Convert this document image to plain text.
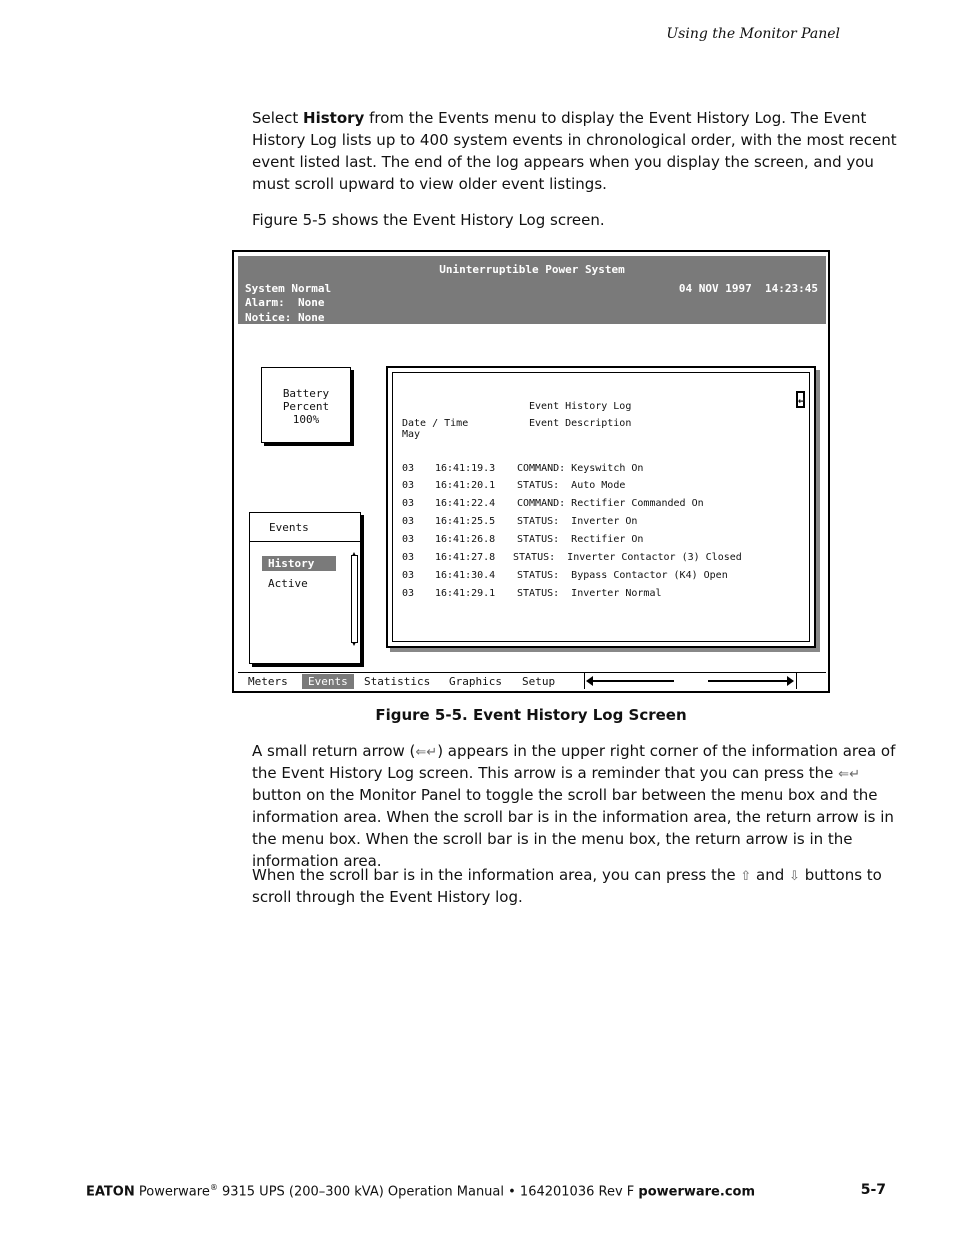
Using the Monitor Panel

Select History from the Events menu to display the Event History Log. The Event History Log lists up to 400 system events in chronological order, with the most recent event listed last. The end of the log appears when you display the screen, and you must scroll upward to view older event listings.

Figure 5-5 shows the Event History Log screen.

Uninterruptible Power System
System Normal
Alarm:  None
Notice: None
04 NOV 1997  14:23:45
Battery
Percent
100%
Events
History
Active
Event History Log
Date / Time	Event Description
May
↵
03 16:41:19.3 COMMAND: Keyswitch On
03 16:41:20.1 STATUS:  Auto Mode
03 16:41:22.4 COMMAND: Rectifier Commanded On
03 16:41:25.5 STATUS:  Inverter On
03 16:41:26.8 STATUS:  Rectifier On
03 16:41:27.8 STATUS:  Inverter Contactor (3) Closed
03 16:41:30.4 STATUS:  Bypass Contactor (K4) Open
03 16:41:29.1 STATUS:  Inverter Normal
Meters	Events	Statistics Graphics Setup
Figure 5-5. Event History Log Screen

A small return arrow (⇐↵) appears in the upper right corner of the information area of the Event History Log screen. This arrow is a reminder that you can press the ⇐↵ button on the Monitor Panel to toggle the scroll bar between the menu box and the information area. When the scroll bar is in the information area, the return arrow is in the menu box. When the scroll bar is in the menu box, the return arrow is in the information area.

When the scroll bar is in the information area, you can press the ⇧ and ⇩ buttons to scroll through the Event History log.

EATON Powerware® 9315 UPS (200–300 kVA) Operation Manual • 164201036 Rev F powerware.com	5-7
